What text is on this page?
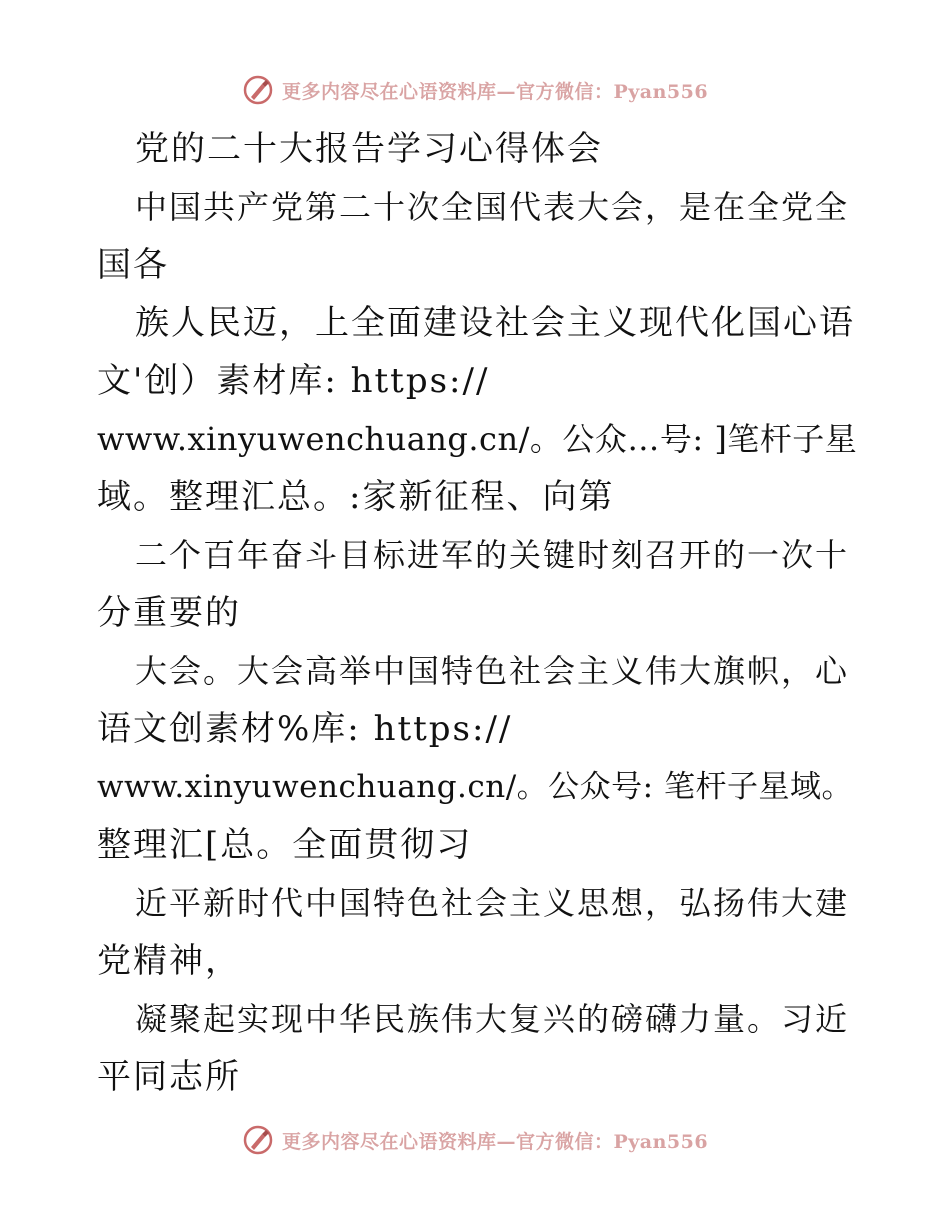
更多内容尽在心语资料库—官方微信：Pyan556
党的二十大报告学习心得体会
中国共产党第二十次全国代表大会，是在全党全
国各
族人民迈，上全面建设社会主义现代化国心语
文'创）素材库: https://
www.xinyuwenchuang.cn/。公众…号: ]笔杆子星
域。整理汇总。:家新征程、向第
二个百年奋斗目标进军的关键时刻召开的一次十
分重要的
大会。大会高举中国特色社会主义伟大旗帜，心
语文创素材%库: https://
www.xinyuwenchuang.cn/。公众号: 笔杆子星域。
整理汇[总。全面贯彻习
近平新时代中国特色社会主义思想，弘扬伟大建
党精神，
凝聚起实现中华民族伟大复兴的磅礴力量。习近
平同志所
更多内容尽在心语资料库—官方微信：Pyan556
